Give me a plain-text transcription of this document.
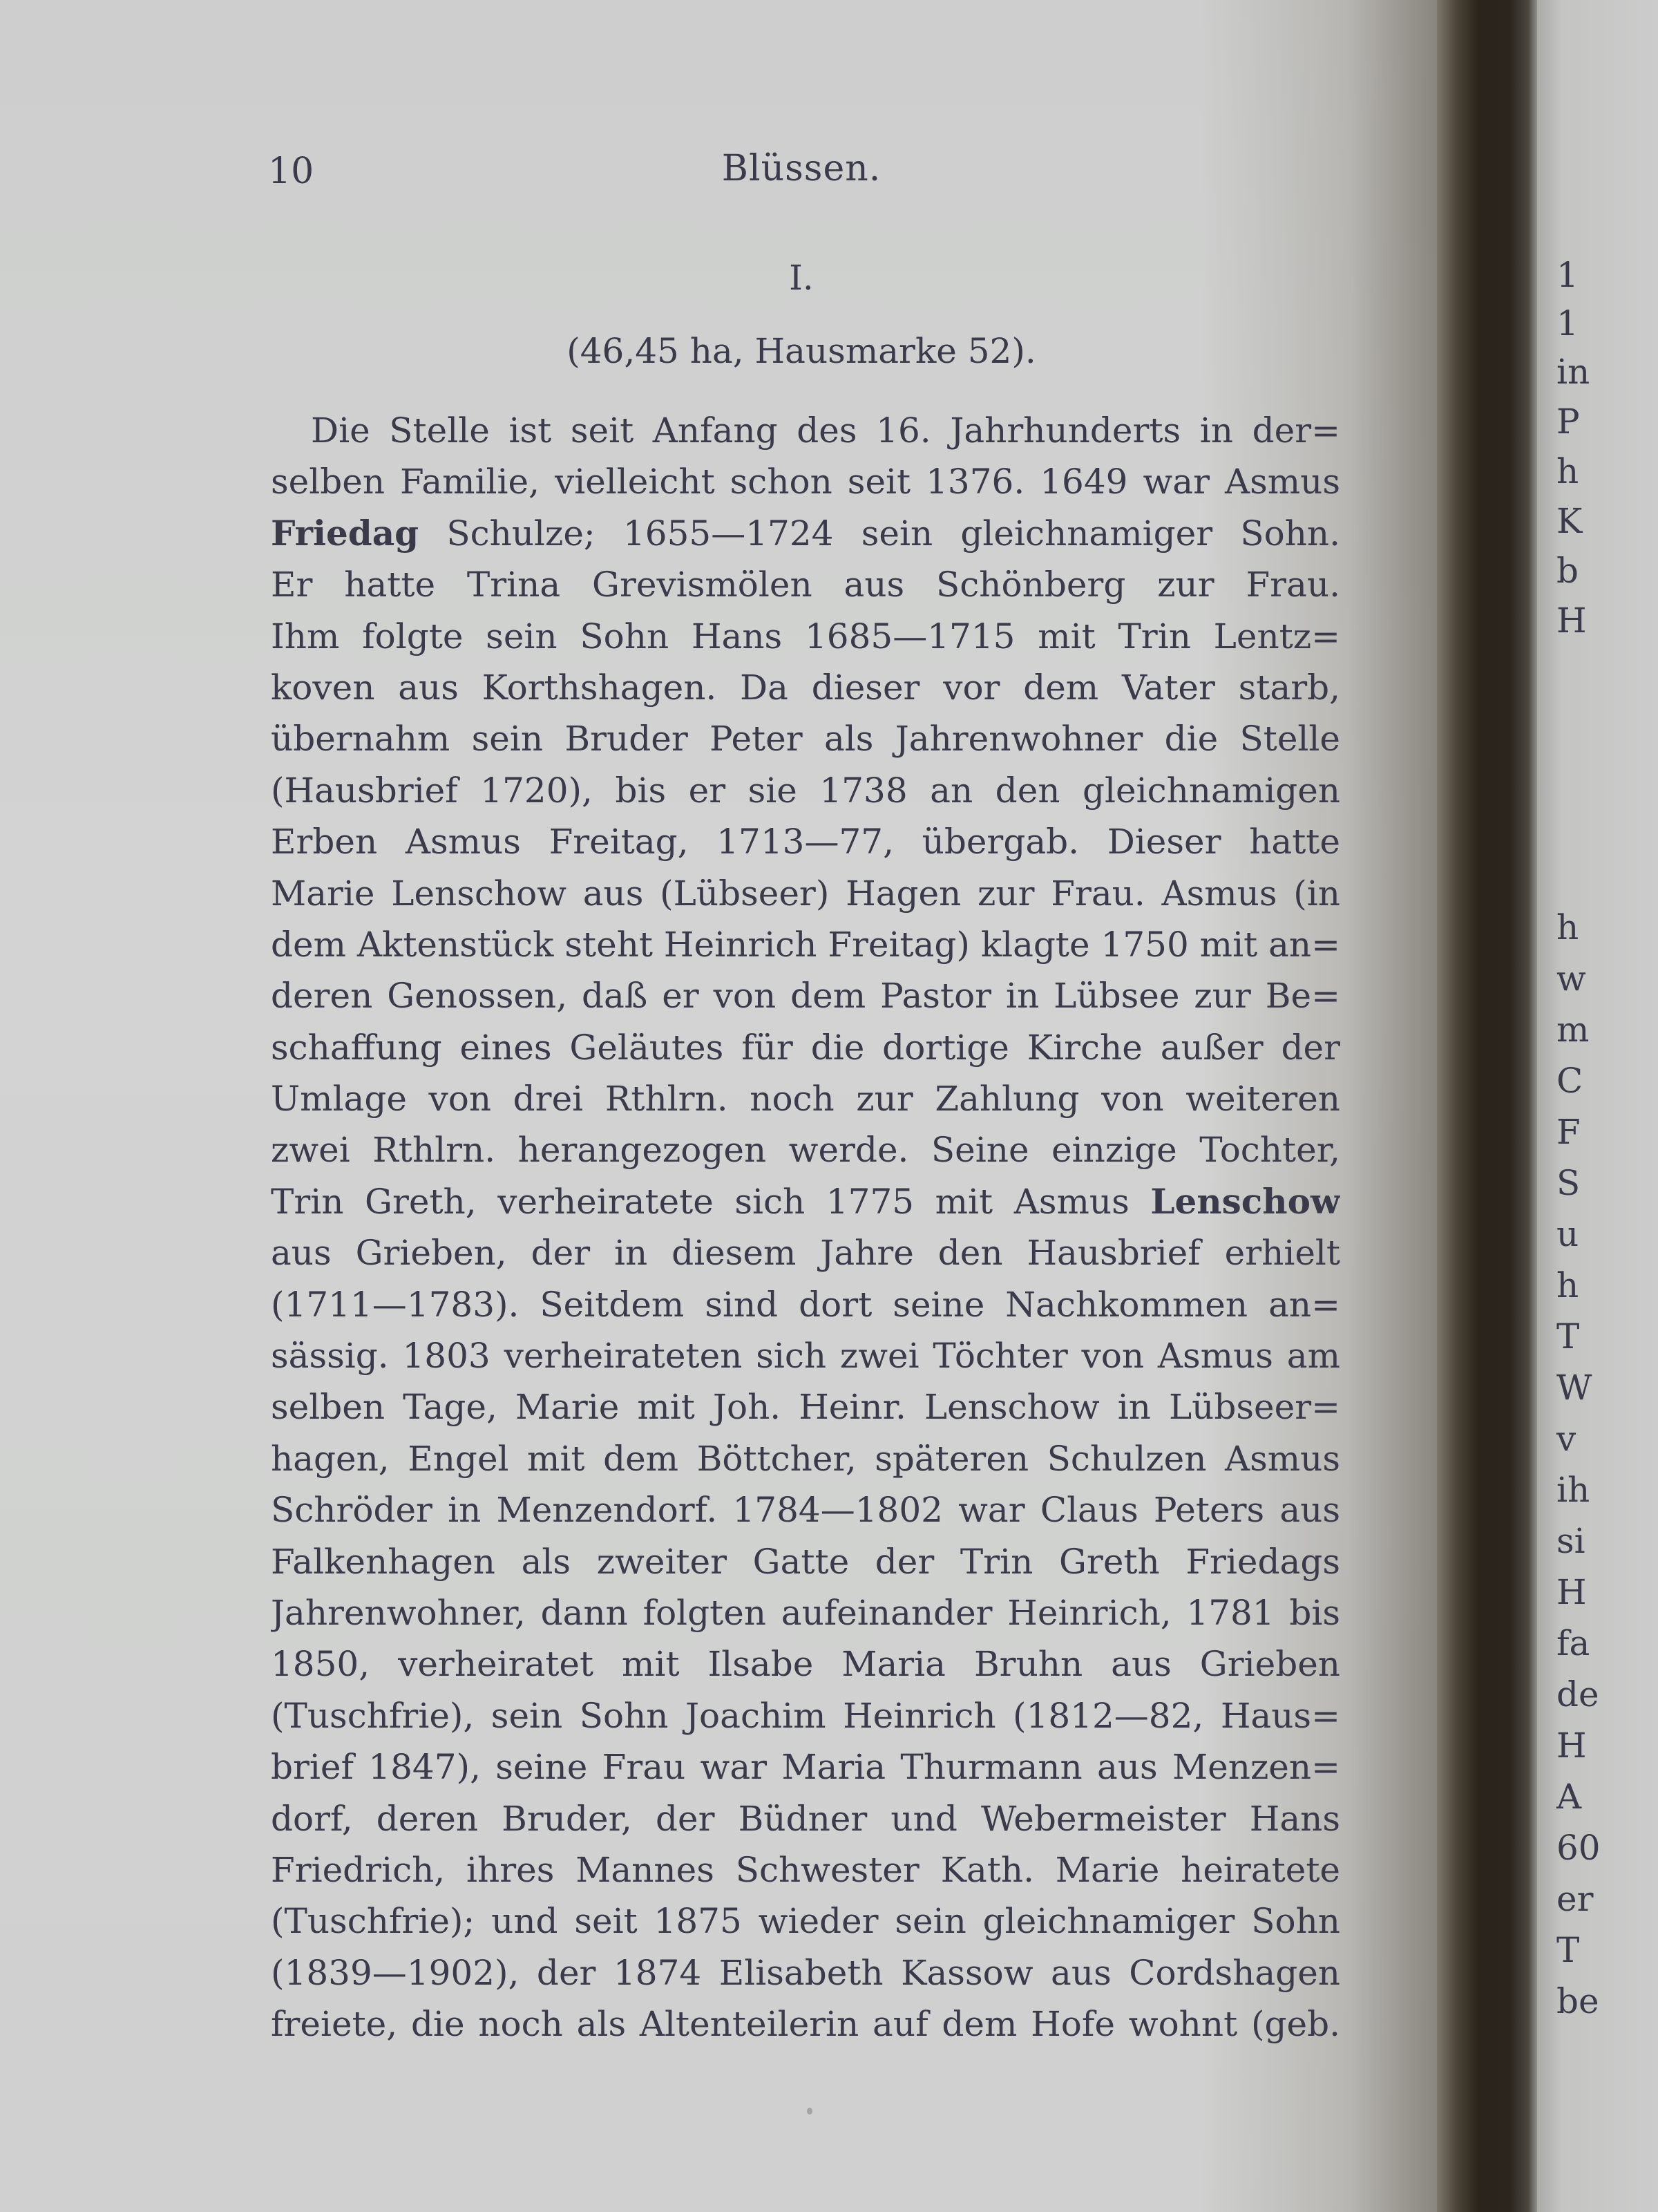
10	Blüssen.
I.
(46,45 ha, Hausmarke 52).
Die Stelle ist seit Anfang des 16. Jahrhunderts in der=
selben Familie, vielleicht schon seit 1376. 1649 war Asmus
Friedag Schulze; 1655—1724 sein gleichnamiger Sohn.
Er hatte Trina Grevismölen aus Schönberg zur Frau.
Ihm folgte sein Sohn Hans 1685—1715 mit Trin Lentz=
koven aus Korthshagen. Da dieser vor dem Vater starb,
übernahm sein Bruder Peter als Jahrenwohner die Stelle
(Hausbrief 1720), bis er sie 1738 an den gleichnamigen
Erben Asmus Freitag, 1713—77, übergab. Dieser hatte
Marie Lenschow aus (Lübseer) Hagen zur Frau. Asmus (in
dem Aktenstück steht Heinrich Freitag) klagte 1750 mit an=
deren Genossen, daß er von dem Pastor in Lübsee zur Be=
schaffung eines Geläutes für die dortige Kirche außer der
Umlage von drei Rthlrn. noch zur Zahlung von weiteren
zwei Rthlrn. herangezogen werde. Seine einzige Tochter,
Trin Greth, verheiratete sich 1775 mit Asmus Lenschow
aus Grieben, der in diesem Jahre den Hausbrief erhielt
(1711—1783). Seitdem sind dort seine Nachkommen an=
sässig. 1803 verheirateten sich zwei Töchter von Asmus am
selben Tage, Marie mit Joh. Heinr. Lenschow in Lübseer=
hagen, Engel mit dem Böttcher, späteren Schulzen Asmus
Schröder in Menzendorf. 1784—1802 war Claus Peters aus
Falkenhagen als zweiter Gatte der Trin Greth Friedags
Jahrenwohner, dann folgten aufeinander Heinrich, 1781 bis
1850, verheiratet mit Ilsabe Maria Bruhn aus Grieben
(Tuschfrie), sein Sohn Joachim Heinrich (1812—82, Haus=
brief 1847), seine Frau war Maria Thurmann aus Menzen=
dorf, deren Bruder, der Büdner und Webermeister Hans
Friedrich, ihres Mannes Schwester Kath. Marie heiratete
(Tuschfrie); und seit 1875 wieder sein gleichnamiger Sohn
(1839—1902), der 1874 Elisabeth Kassow aus Cordshagen
freiete, die noch als Altenteilerin auf dem Hofe wohnt (geb.
1
1
in
P
h
K
b
H
h
w
m
C
F
S
u
h
T
W
v
ih
si
H
fa
de
H
A
60
er
T
be
